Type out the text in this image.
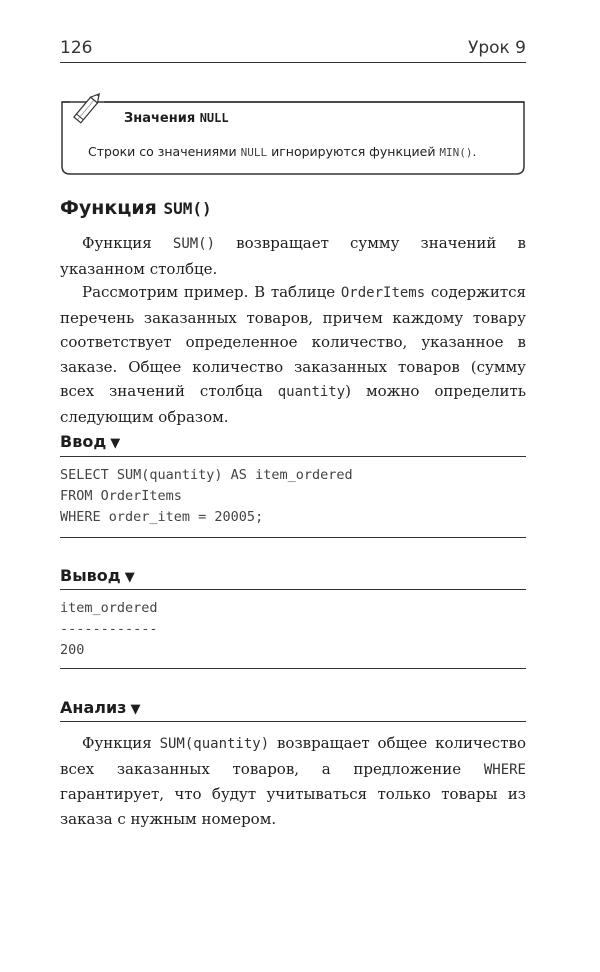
126	Урок 9
Значения NULL
Строки со значениями NULL игнорируются функцией MIN().
Функция SUM()

Функция SUM() возвращает сумму значений в указанном столбце.

Рассмотрим пример. В таблице OrderItems содержится перечень заказанных товаров, причем каждому товару соответствует определенное количество, указанное в заказе. Общее количество заказанных товаров (сумму всех значений столбца quantity) можно определить следующим образом.

Ввод ▼
SELECT SUM(quantity) AS item_ordered
FROM OrderItems
WHERE order_item = 20005;
Вывод ▼
item_ordered
------------
200
Анализ ▼

Функция SUM(quantity) возвращает общее количество всех заказанных товаров, а предложение WHERE гарантирует, что будут учитываться только товары из заказа с нужным номером.
